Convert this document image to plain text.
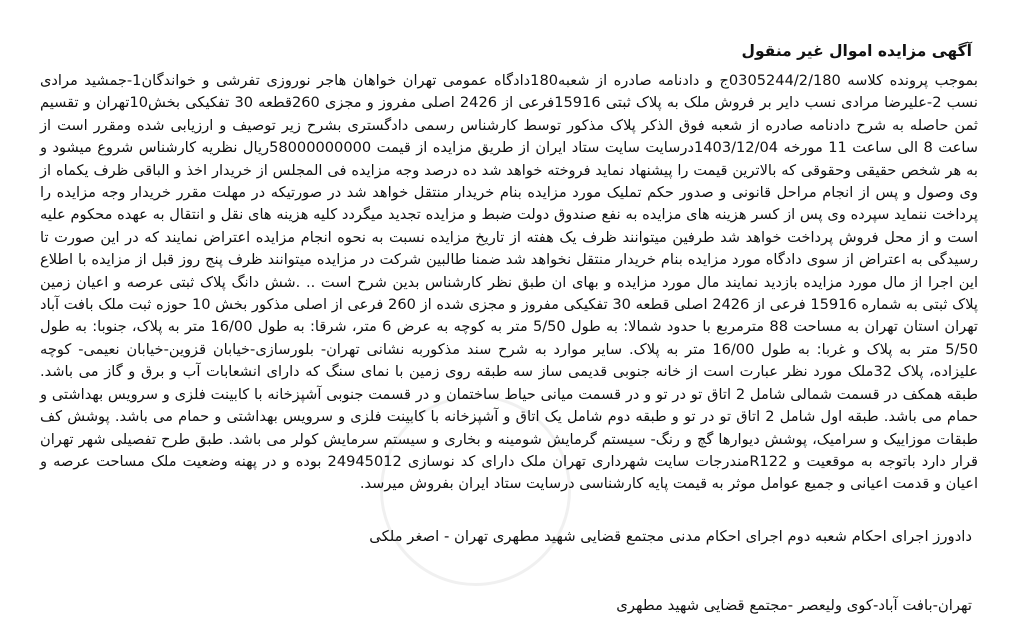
آگهی مزایده اموال غیر منقول
بموجب پرونده کلاسه 0305244/2/180ج و دادنامه صادره از شعبه180دادگاه عمومی تهران خواهان هاجر نوروزی تفرشی و خواندگان1-جمشید مرادی نسب 2-علیرضا مرادی نسب دایر بر فروش ملک به پلاک ثبتی 15916فرعی از 2426 اصلی مفروز و مجزی 260قطعه 30 تفکیکی بخش10تهران و تقسیم ثمن حاصله به شرح دادنامه صادره از شعبه فوق الذکر پلاک مذکور توسط کارشناس رسمی دادگستری بشرح زیر توصیف و ارزیابی شده ومقرر است از ساعت 8 الی ساعت 11 مورخه 1403/12/04درسایت سایت ستاد ایران از طریق مزایده از قیمت 58000000000ریال نظریه کارشناس شروع میشود و به هر شخص حقیقی وحقوقی که بالاترین قیمت را پیشنهاد نماید فروخته خواهد شد ده درصد وجه مزایده فی المجلس از خریدار اخذ و الباقی ظرف یکماه از وی وصول و پس از انجام مراحل قانونی و صدور حکم تملیک مورد مزایده بنام خریدار منتقل خواهد شد در صورتیکه در مهلت مقرر خریدار وجه مزایده را پرداخت ننماید سپرده وی پس از کسر هزینه های مزایده به نفع صندوق دولت ضبط و مزایده تجدید میگردد کلیه هزینه های نقل و انتقال به عهده محکوم علیه است و از محل فروش پرداخت خواهد شد طرفین میتوانند ظرف یک هفته از تاریخ مزایده نسبت به نحوه انجام مزایده اعتراض نمایند که در این صورت تا رسیدگی به اعتراض از سوی دادگاه مورد مزایده بنام خریدار منتقل نخواهد شد ضمنا طالبین شرکت در مزایده میتوانند ظرف پنج روز قبل از مزایده با اطلاع این اجرا از مال مورد مزایده بازدید نمایند مال مورد مزایده و بهای ان طبق نظر کارشناس بدین شرح است .. .شش دانگ پلاک ثبتی عرصه و اعیان زمین پلاک ثبتی به شماره 15916 فرعی از 2426 اصلی قطعه 30 تفکیکی مفروز و مجزی شده از 260 فرعی از اصلی مذکور بخش 10 حوزه ثبت ملک بافت آباد تهران استان تهران به مساحت 88 مترمربع با حدود شمالا: به طول 5/50 متر به کوچه به عرض 6 متر، شرقا: به طول 16/00 متر به پلاک، جنوبا: به طول 5/50 متر به پلاک و غربا: به طول 16/00 متر به پلاک. سایر موارد به شرح سند مذکوربه نشانی تهران- بلورسازی-خیابان قزوین-خیابان نعیمی- کوچه علیزاده، پلاک 32ملک مورد نظر عبارت است از خانه جنوبی قدیمی ساز سه طبقه روی زمین با نمای سنگ که دارای انشعابات آب و برق و گاز می باشد. طبقه همکف در قسمت شمالی شامل 2 اتاق تو در تو و در قسمت میانی حیاط ساختمان و در قسمت جنوبی آشپزخانه با کابینت فلزی و سرویس بهداشتی و حمام می باشد. طبقه اول شامل 2 اتاق تو در تو و طبقه دوم شامل یک اتاق و آشپزخانه با کابینت فلزی و سرویس بهداشتی و حمام می باشد. پوشش کف طبقات موزاییک و سرامیک، پوشش دیوارها گچ و رنگ- سیستم گرمایش شومینه و بخاری و سیستم سرمایش کولر می باشد. طبق طرح تفصیلی شهر تهران قرار دارد باتوجه به موقعیت و R122مندرجات سایت شهرداری تهران ملک دارای کد نوسازی 24945012 بوده و در پهنه وضعیت ملک مساحت عرصه و اعیان و قدمت اعیانی و جمیع عوامل موثر به قیمت پایه کارشناسی درسایت ستاد ایران بفروش میرسد.
دادورز اجرای احکام شعبه دوم اجرای احکام مدنی مجتمع قضایی شهید مطهری تهران - اصغر ملکی
تهران-بافت آباد-کوی ولیعصر -مجتمع قضایی شهید مطهری
